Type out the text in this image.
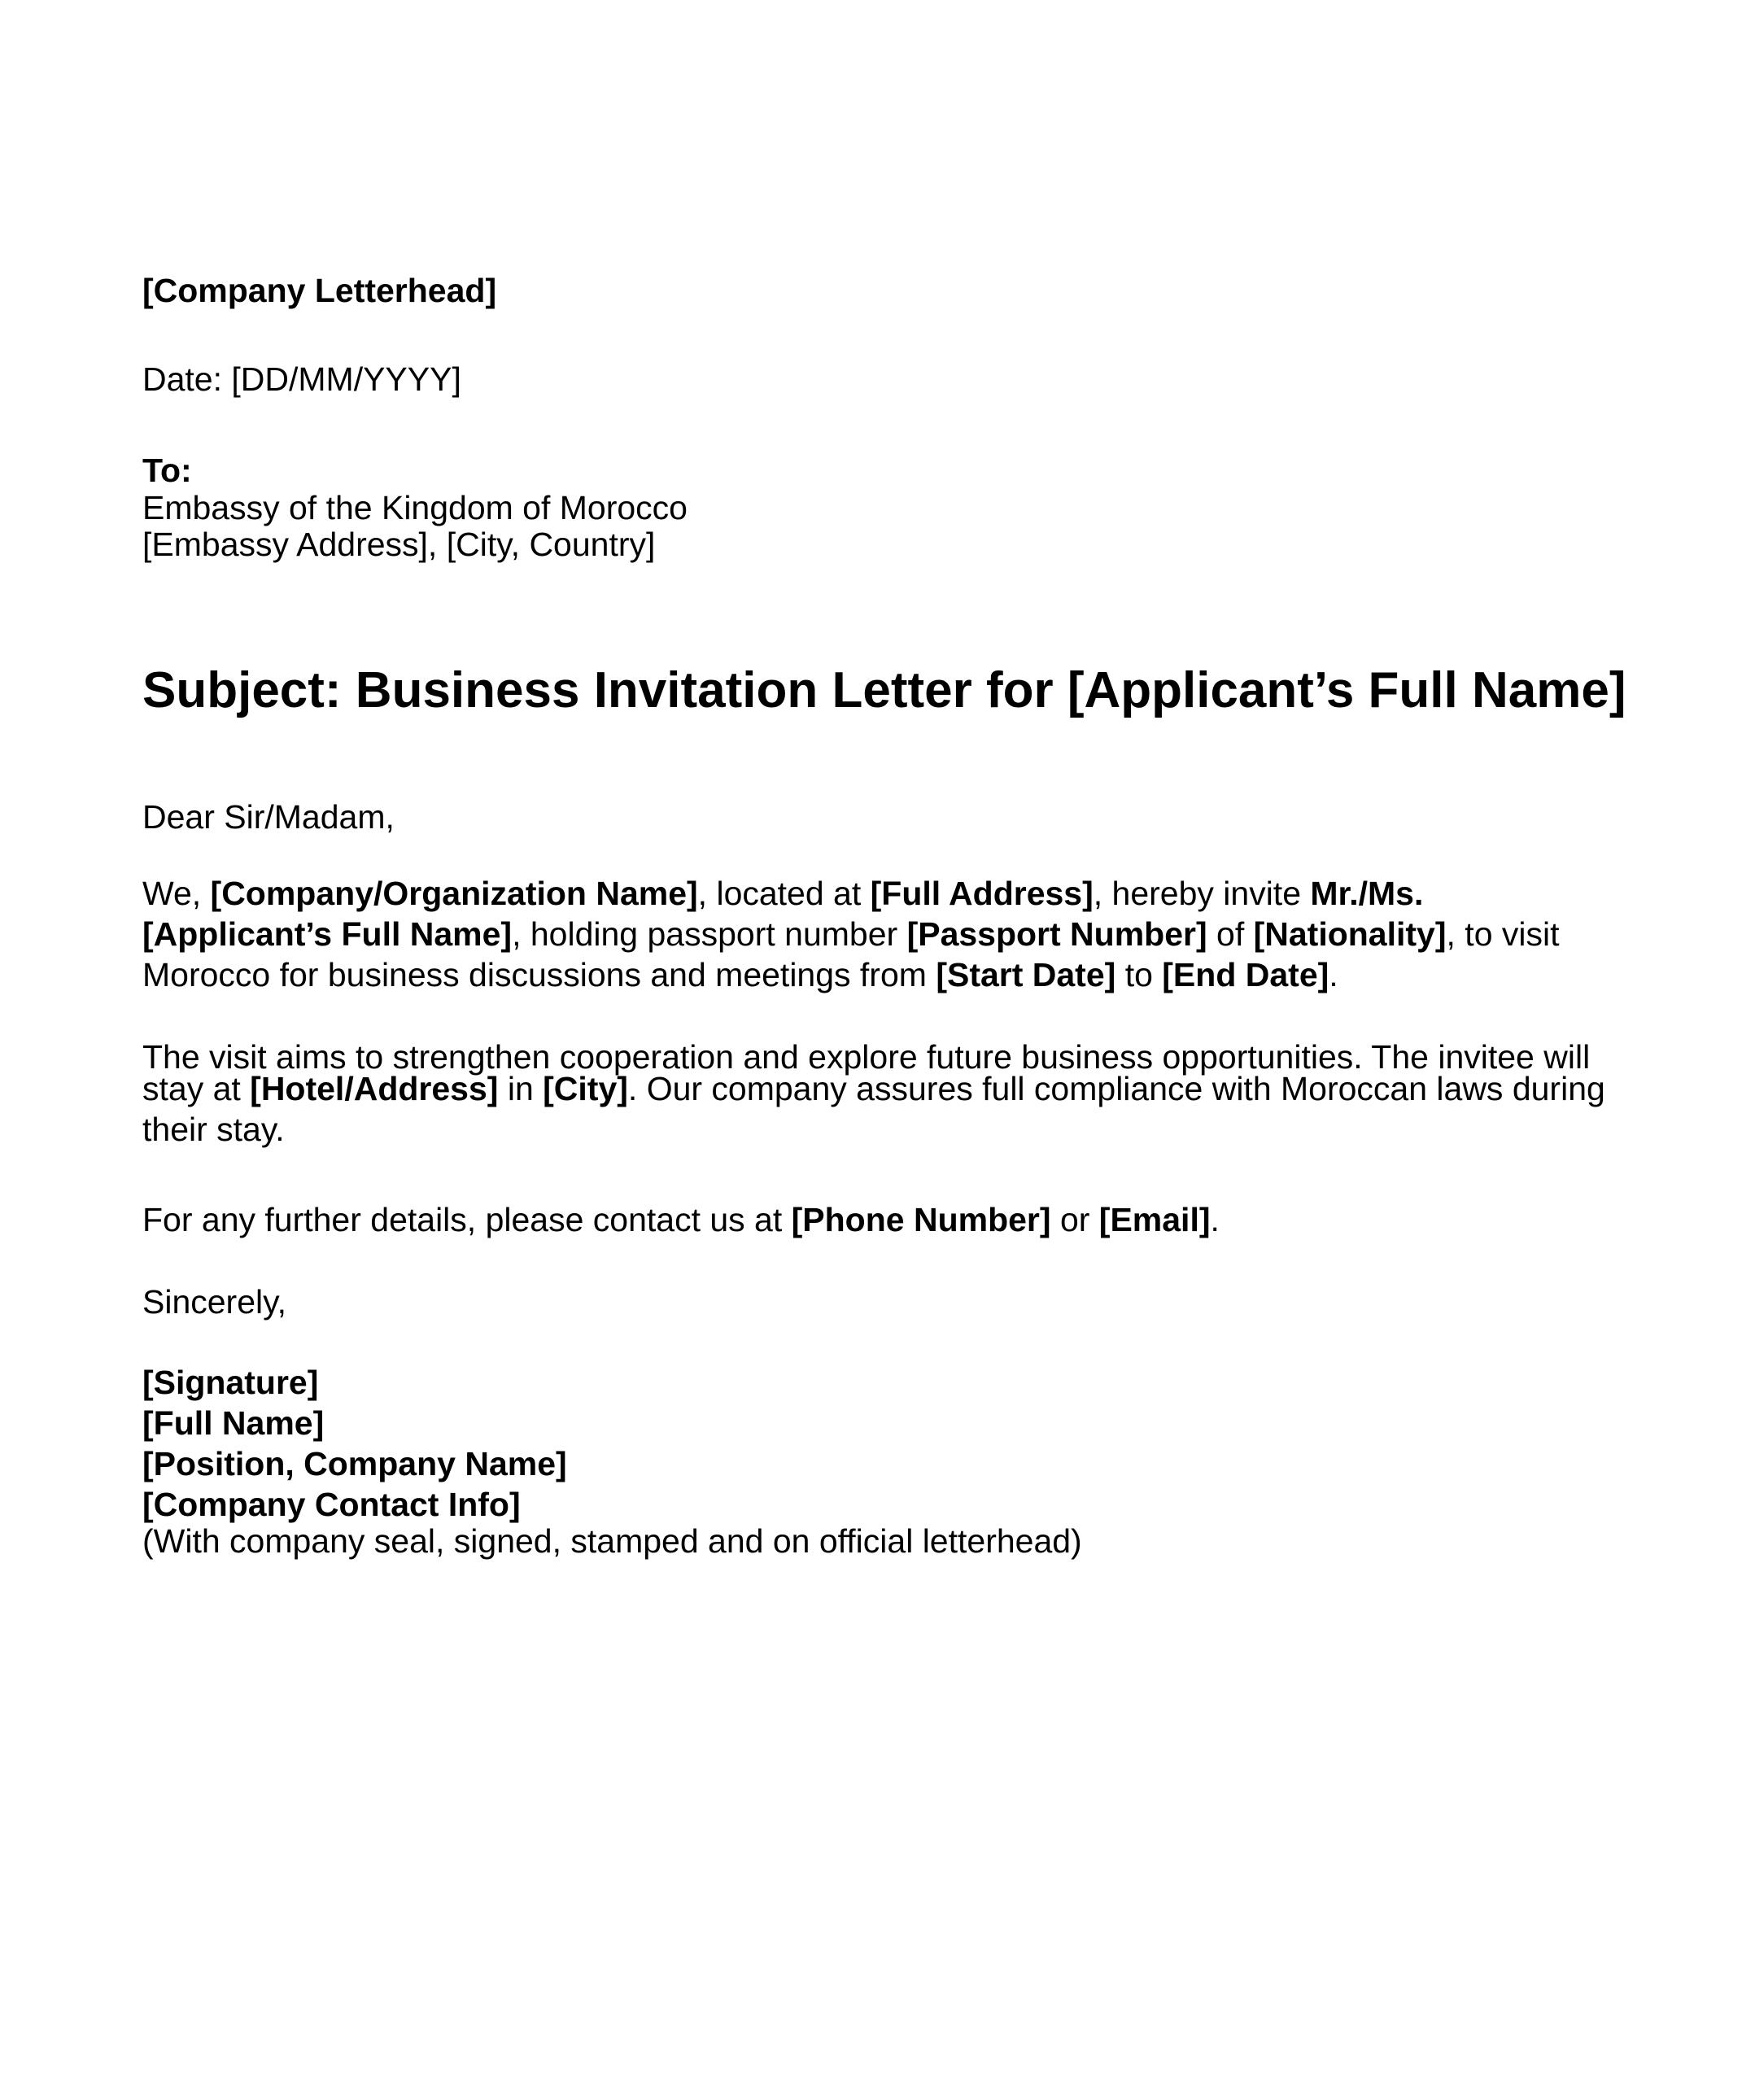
[Company Letterhead]
Date: [DD/MM/YYYY]
To:
Embassy of the Kingdom of Morocco
[Embassy Address], [City, Country]
Subject: Business Invitation Letter for [Applicant’s Full Name]
Dear Sir/Madam,
We, [Company/Organization Name], located at [Full Address], hereby invite Mr./Ms.
[Applicant’s Full Name], holding passport number [Passport Number] of [Nationality], to visit
Morocco for business discussions and meetings from [Start Date] to [End Date].
The visit aims to strengthen cooperation and explore future business opportunities. The invitee will
stay at [Hotel/Address] in [City]. Our company assures full compliance with Moroccan laws during
their stay.
For any further details, please contact us at [Phone Number] or [Email].
Sincerely,
[Signature]
[Full Name]
[Position, Company Name]
[Company Contact Info]
(With company seal, signed, stamped and on official letterhead)
